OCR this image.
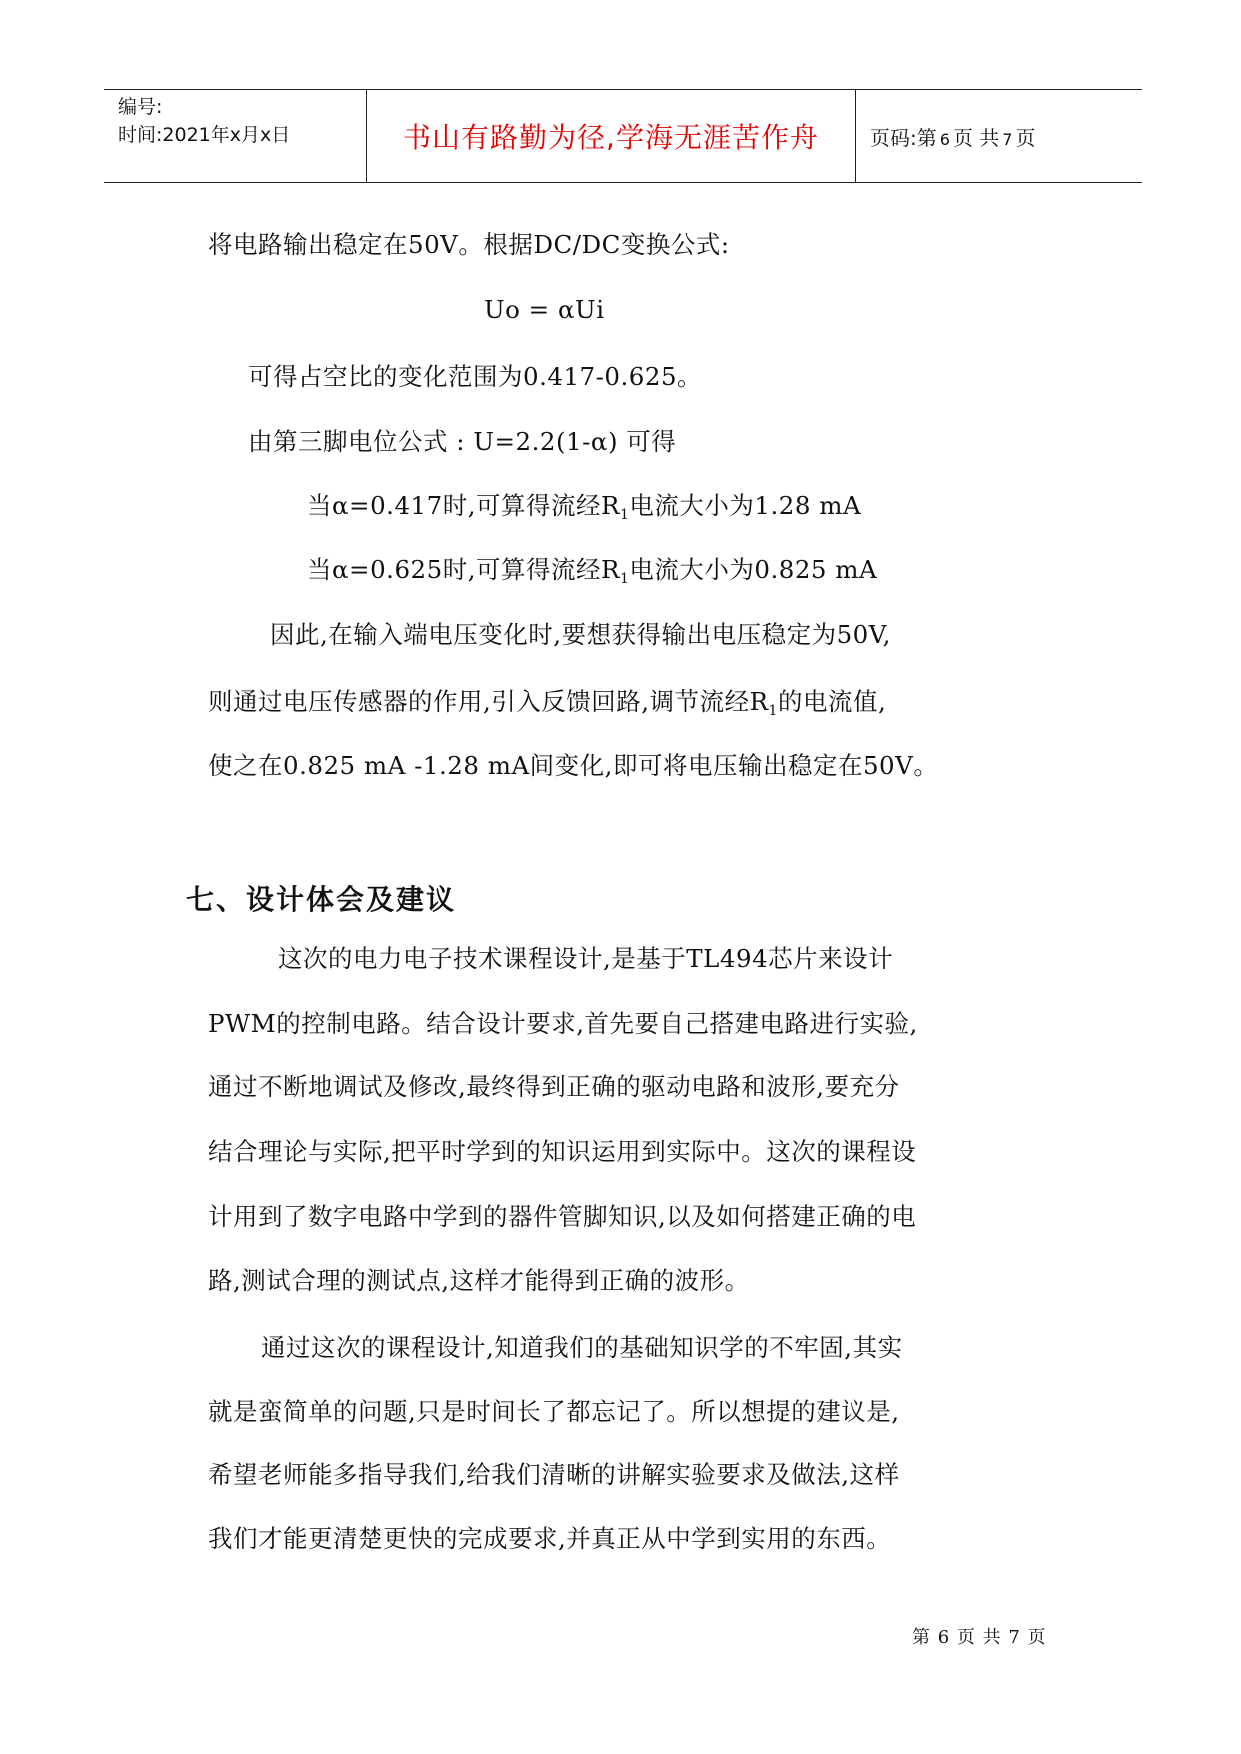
编号:
时间:2021年x月x日	书山有路勤为径,学海无涯苦作舟	页码:第 6 页 共 7 页
将电路输出稳定在50V。根据DC/DC变换公式:
Uo = αUi
可得占空比的变化范围为0.417-0.625。
由第三脚电位公式 : U=2.2(1-α) 可得
当α=0.417时,可算得流经$R_1$电流大小为1.28 mA
当α=0.625时,可算得流经$R_1$电流大小为0.825 mA
因此,在输入端电压变化时,要想获得输出电压稳定为50V,
则通过电压传感器的作用,引入反馈回路,调节流经$R_1$的电流值,
使之在0.825 mA -1.28 mA间变化,即可将电压输出稳定在50V。
七、设计体会及建议
这次的电力电子技术课程设计,是基于TL494芯片来设计
PWM的控制电路。结合设计要求,首先要自己搭建电路进行实验,
通过不断地调试及修改,最终得到正确的驱动电路和波形,要充分
结合理论与实际,把平时学到的知识运用到实际中。这次的课程设
计用到了数字电路中学到的器件管脚知识,以及如何搭建正确的电
路,测试合理的测试点,这样才能得到正确的波形。
通过这次的课程设计,知道我们的基础知识学的不牢固,其实
就是蛮简单的问题,只是时间长了都忘记了。所以想提的建议是,
希望老师能多指导我们,给我们清晰的讲解实验要求及做法,这样
我们才能更清楚更快的完成要求,并真正从中学到实用的东西。
第 6 页 共 7 页
